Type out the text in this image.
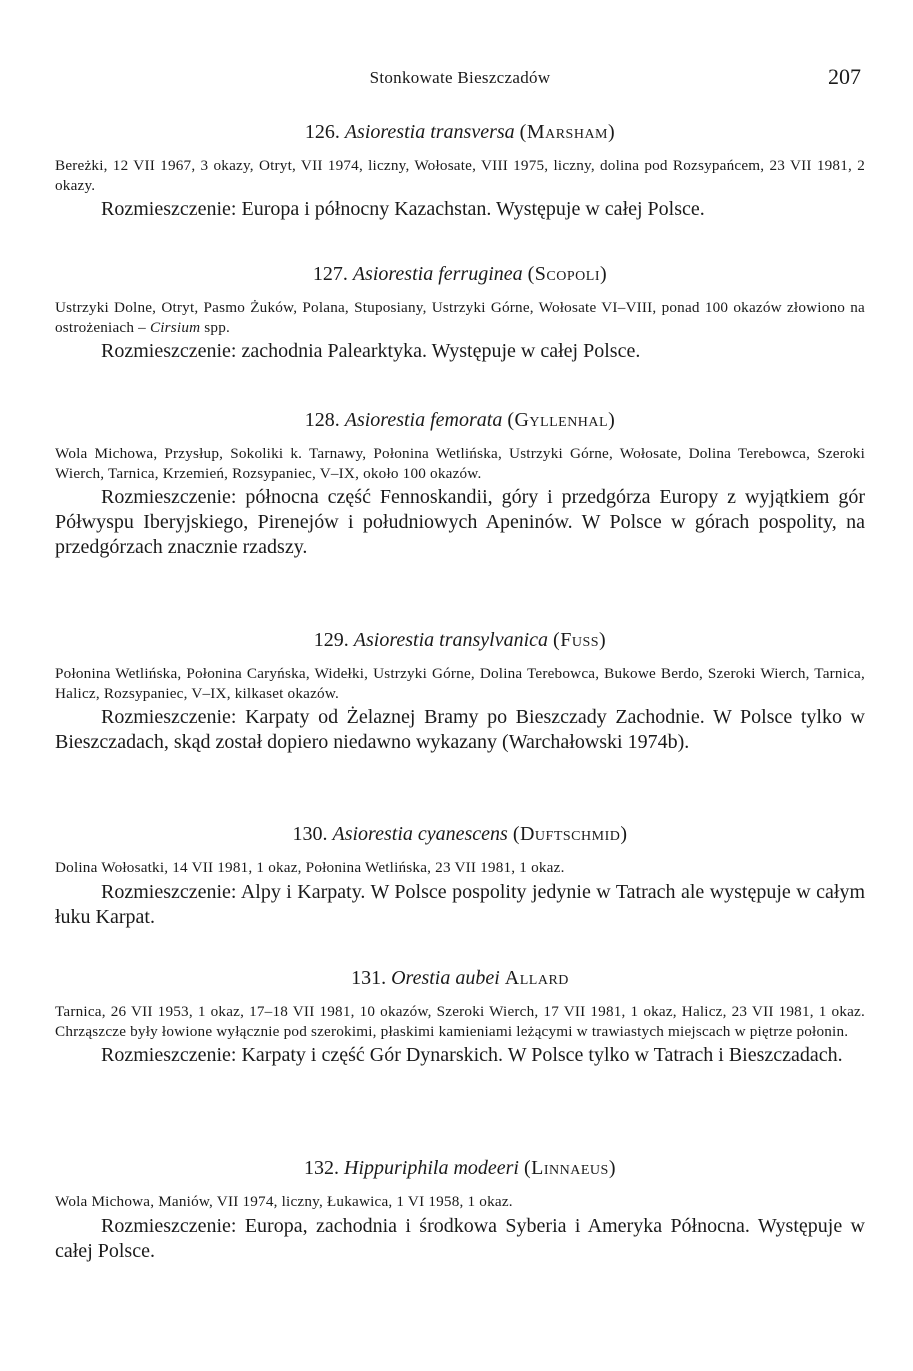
Stonkowate Bieszczadów	207

126. Asiorestia transversa (Marsham)

Bereżki, 12 VII 1967, 3 okazy, Otryt, VII 1974, liczny, Wołosate, VIII 1975, liczny, dolina pod Rozsypańcem, 23 VII 1981, 2 okazy.

Rozmieszczenie: Europa i północny Kazachstan. Występuje w całej Polsce.

127. Asiorestia ferruginea (Scopoli)

Ustrzyki Dolne, Otryt, Pasmo Żuków, Polana, Stuposiany, Ustrzyki Górne, Wołosate VI–VIII, ponad 100 okazów złowiono na ostrożeniach – Cirsium spp.

Rozmieszczenie: zachodnia Palearktyka. Występuje w całej Polsce.

128. Asiorestia femorata (Gyllenhal)

Wola Michowa, Przysłup, Sokoliki k. Tarnawy, Połonina Wetlińska, Ustrzyki Górne, Wołosate, Dolina Terebowca, Szeroki Wierch, Tarnica, Krzemień, Rozsypaniec, V–IX, około 100 okazów.

Rozmieszczenie: północna część Fennoskandii, góry i przedgórza Europy z wyjątkiem gór Półwyspu Iberyjskiego, Pirenejów i południowych Apeninów. W Polsce w górach pospolity, na przedgórzach znacznie rzadszy.

129. Asiorestia transylvanica (Fuss)

Połonina Wetlińska, Połonina Caryńska, Widełki, Ustrzyki Górne, Dolina Terebowca, Bukowe Berdo, Szeroki Wierch, Tarnica, Halicz, Rozsypaniec, V–IX, kilkaset okazów.

Rozmieszczenie: Karpaty od Żelaznej Bramy po Bieszczady Zachodnie. W Polsce tylko w Bieszczadach, skąd został dopiero niedawno wykazany (Warchałowski 1974b).

130. Asiorestia cyanescens (Duftschmid)

Dolina Wołosatki, 14 VII 1981, 1 okaz, Połonina Wetlińska, 23 VII 1981, 1 okaz.

Rozmieszczenie: Alpy i Karpaty. W Polsce pospolity jedynie w Tatrach ale występuje w całym łuku Karpat.

131. Orestia aubei Allard

Tarnica, 26 VII 1953, 1 okaz, 17–18 VII 1981, 10 okazów, Szeroki Wierch, 17 VII 1981, 1 okaz, Halicz, 23 VII 1981, 1 okaz. Chrząszcze były łowione wyłącznie pod szerokimi, płaskimi kamieniami leżącymi w trawiastych miejscach w piętrze połonin.

Rozmieszczenie: Karpaty i część Gór Dynarskich. W Polsce tylko w Tatrach i Bieszczadach.

132. Hippuriphila modeeri (Linnaeus)

Wola Michowa, Maniów, VII 1974, liczny, Łukawica, 1 VI 1958, 1 okaz.

Rozmieszczenie: Europa, zachodnia i środkowa Syberia i Ameryka Północna. Występuje w całej Polsce.
